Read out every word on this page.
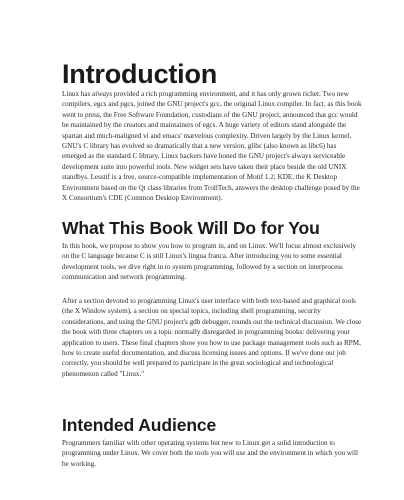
Introduction

Linux has always provided a rich programming environment, and it has only grown richer. Two new compilers, egcs and pgcs, joined the GNU project's gcc, the original Linux compiler. In fact, as this book went to press, the Free Software Foundation, custodians of the GNU project, announced that gcc would be maintained by the creators and maintainers of egcs. A huge variety of editors stand alongside the spartan and much-maligned vi and emacs' marvelous complexity. Driven largely by the Linux kernel, GNU's C library has evolved so dramatically that a new version, glibc (also known as libc6) has emerged as the standard C library. Linux hackers have honed the GNU project's always serviceable development suite into powerful tools. New widget sets have taken their place beside the old UNIX standbys. Lesstif is a free, source-compatible implementation of Motif 1.2; KDE, the K Desktop Environment based on the Qt class libraries from TrollTech, answers the desktop challenge posed by the X Consortium's CDE (Common Desktop Environment).

What This Book Will Do for You

In this book, we propose to show you how to program in, and on Linux. We'll focus almost exclusively on the C language because C is still Linux's lingua franca. After introducing you to some essential development tools, we dive right in to system programming, followed by a section on interprocess communication and network programming.

After a section devoted to programming Linux's user interface with both text-based and graphical tools (the X Window system), a section on special topics, including shell programming, security considerations, and using the GNU project's gdb debugger, rounds out the technical discussion. We close the book with three chapters on a topic normally disregarded in programming books: delivering your application to users. These final chapters show you how to use package management tools such as RPM, how to create useful documentation, and discuss licensing issues and options. If we've done our job correctly, you should be well prepared to participate in the great sociological and technological phenomenon called "Linux."

Intended Audience

Programmers familiar with other operating systems but new to Linux get a solid introduction to programming under Linux. We cover both the tools you will use and the environment in which you will be working.
